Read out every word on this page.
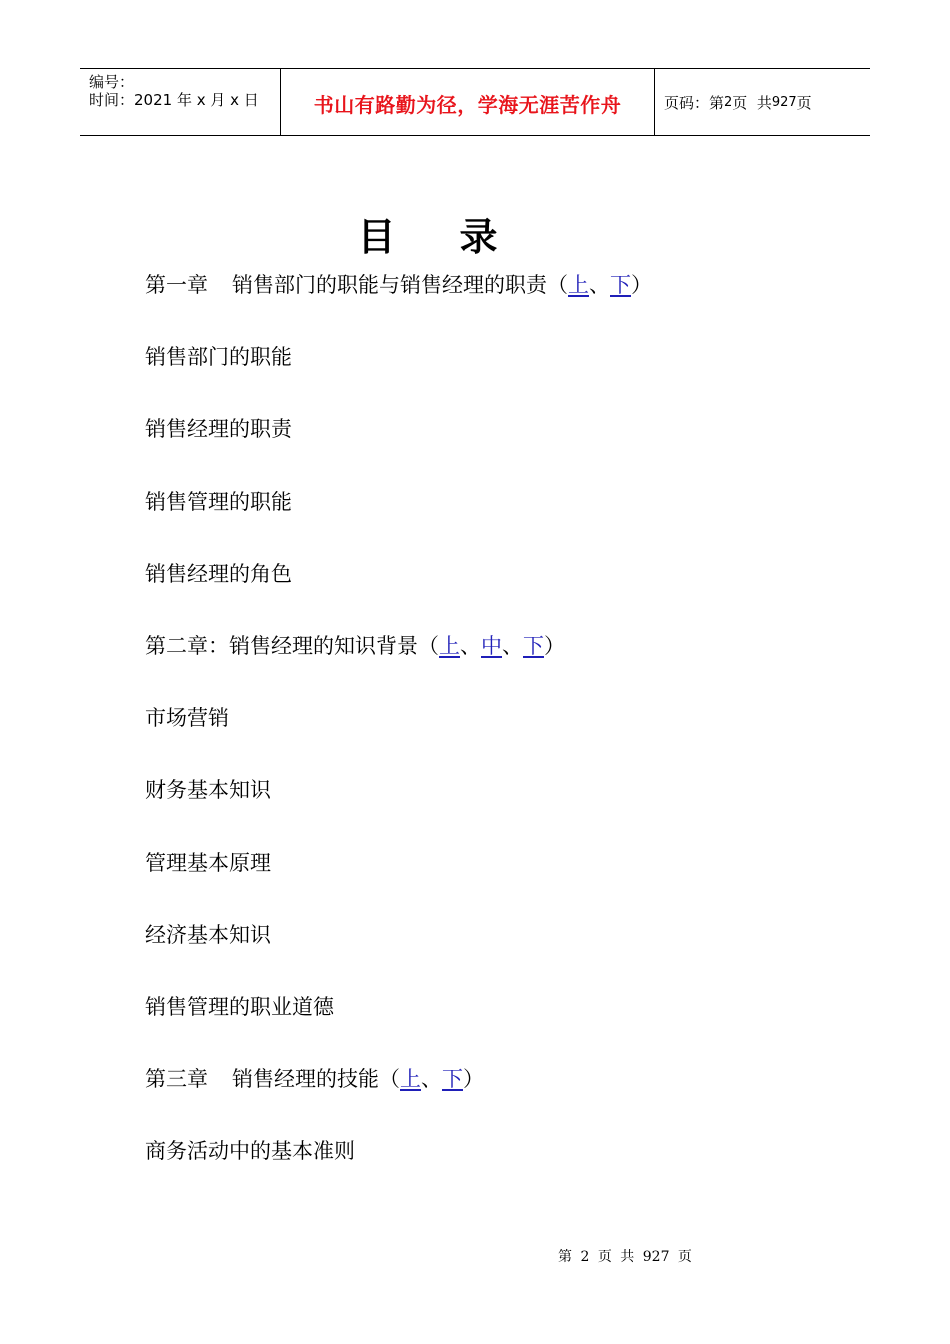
编号：
时间：2021 年 x 月 x 日	书山有路勤为径，学海无涯苦作舟	页码：第 2 页  共 927 页
目 录
第一章 销售部门的职能与销售经理的职责（上、下）
销售部门的职能
销售经理的职责
销售管理的职能
销售经理的角色
第二章：销售经理的知识背景（上、中、下）
市场营销
财务基本知识
管理基本原理
经济基本知识
销售管理的职业道德
第三章 销售经理的技能（上、下）
商务活动中的基本准则
第 2 页 共 927 页
